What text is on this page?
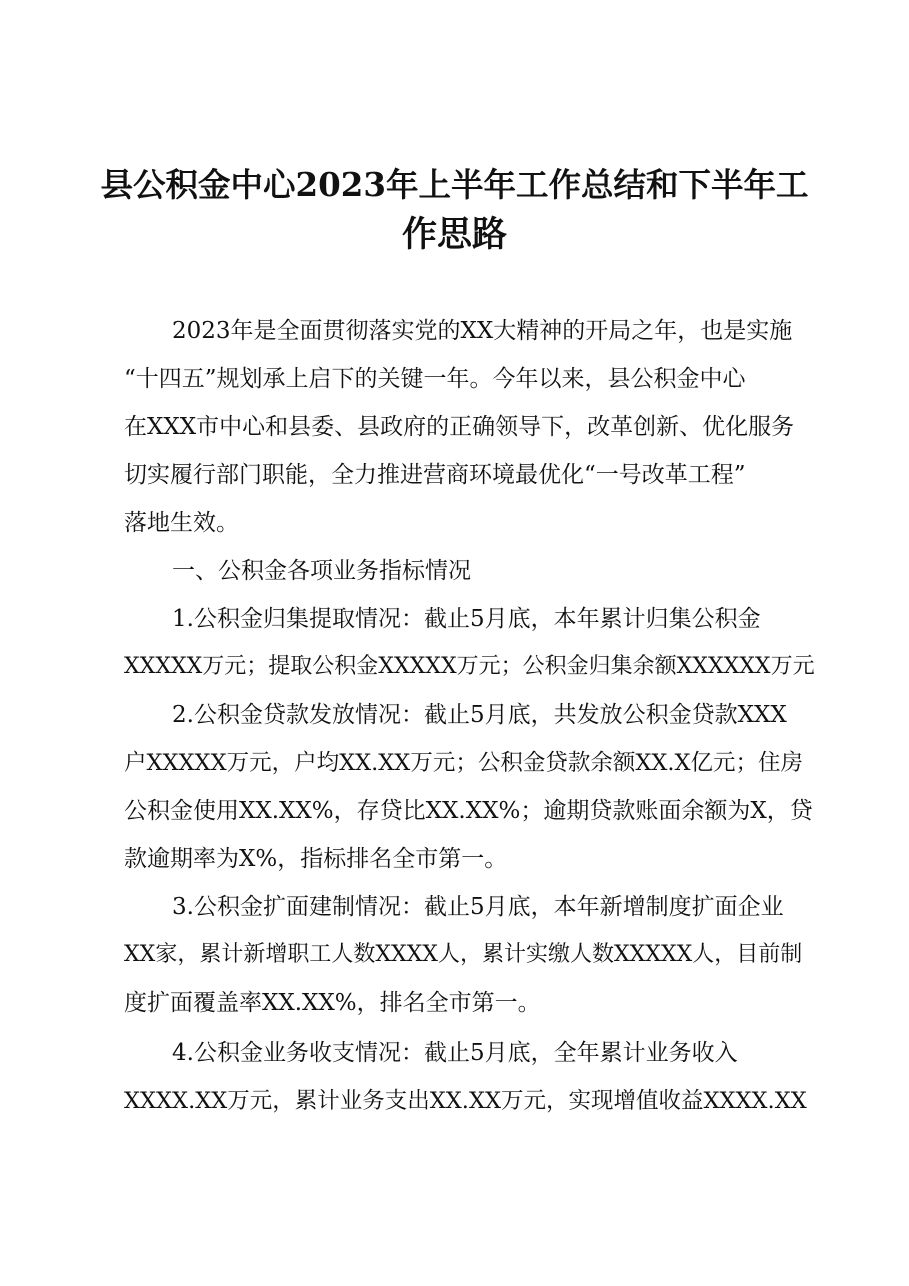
县公积金中心2023年上半年工作总结和下半年工
作思路

2023年是全面贯彻落实党的XX大精神的开局之年，也是实施

“十四五”规划承上启下的关键一年。今年以来，县公积金中心

在XXX市中心和县委、县政府的正确领导下，改革创新、优化服务

切实履行部门职能，全力推进营商环境最优化“一号改革工程”

落地生效。

一、公积金各项业务指标情况

1.公积金归集提取情况：截止5月底，本年累计归集公积金

XXXXX万元；提取公积金XXXXX万元；公积金归集余额XXXXXX万元

2.公积金贷款发放情况：截止5月底，共发放公积金贷款XXX

户XXXXX万元，户均XX.XX万元；公积金贷款余额XX.X亿元；住房

公积金使用XX.XX%，存贷比XX.XX%；逾期贷款账面余额为X，贷

款逾期率为X%，指标排名全市第一。

3.公积金扩面建制情况：截止5月底，本年新增制度扩面企业

XX家，累计新增职工人数XXXX人，累计实缴人数XXXXX人，目前制

度扩面覆盖率XX.XX%，排名全市第一。

4.公积金业务收支情况：截止5月底，全年累计业务收入

XXXX.XX万元，累计业务支出XX.XX万元，实现增值收益XXXX.XX
